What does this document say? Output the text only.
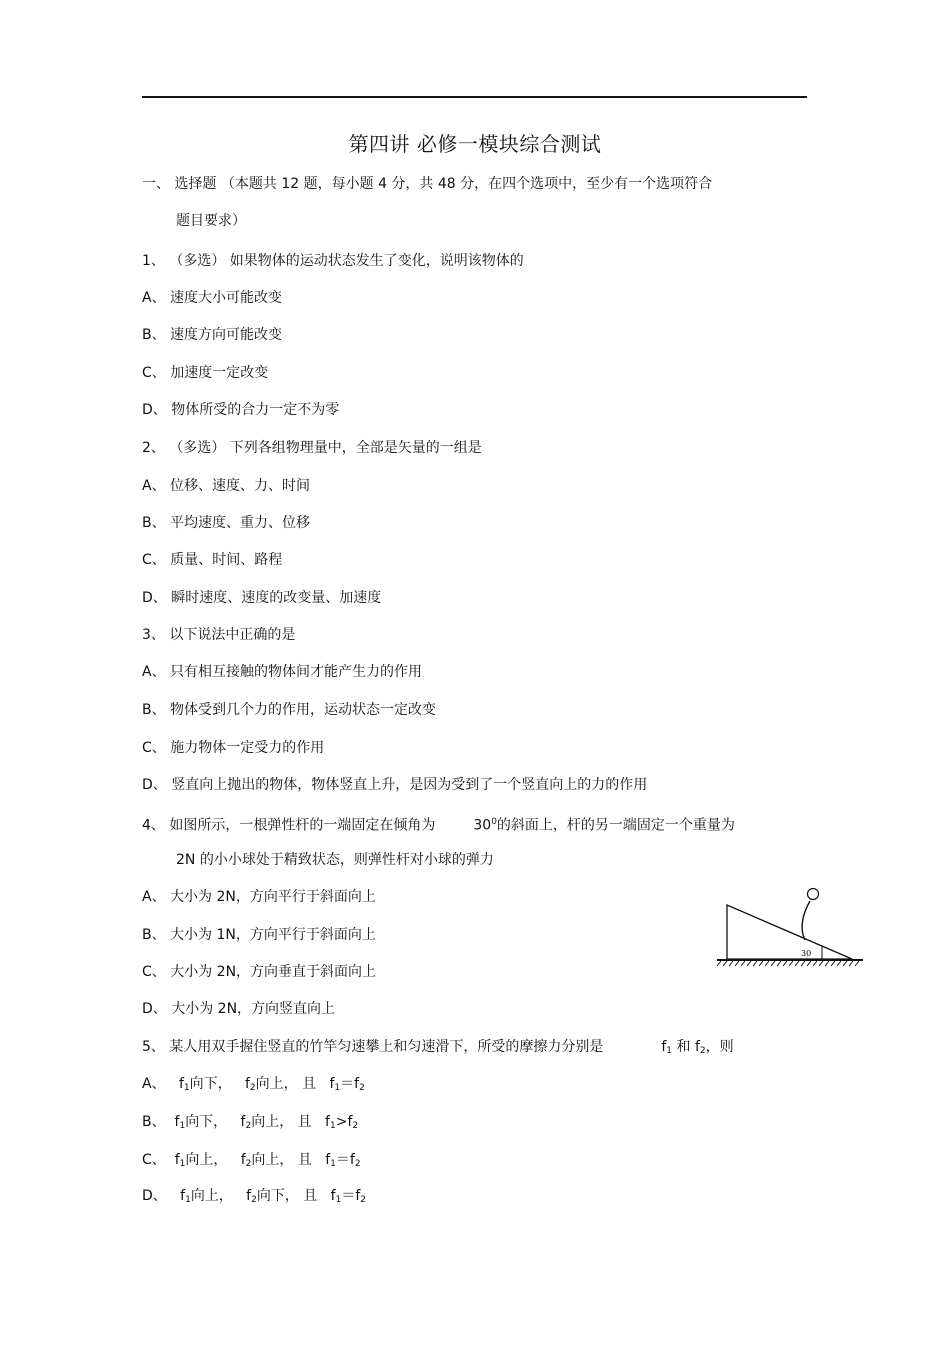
第四讲 必修一模块综合测试
一、 选择题 （本题共 12 题，每小题 4 分，共 48 分，在四个选项中，至少有一个选项符合
题目要求）
1、 （多选） 如果物体的运动状态发生了变化，说明该物体的
A、 速度大小可能改变
B、 速度方向可能改变
C、 加速度一定改变
D、 物体所受的合力一定不为零
2、 （多选） 下列各组物理量中，全部是矢量的一组是
A、 位移、速度、力、时间
B、 平均速度、重力、位移
C、 质量、时间、路程
D、 瞬时速度、速度的改变量、加速度
3、 以下说法中正确的是
A、 只有相互接触的物体间才能产生力的作用
B、 物体受到几个力的作用，运动状态一定改变
C、 施力物体一定受力的作用
D、 竖直向上抛出的物体，物体竖直上升，是因为受到了一个竖直向上的力的作用
4、 如图所示，一根弹性杆的一端固定在倾角为	$30^0$的斜面上，杆的另一端固定一个重量为
2N 的小小球处于精致状态，则弹性杆对小球的弹力
A、 大小为 2N，方向平行于斜面向上
B、 大小为 1N，方向平行于斜面向上
C、 大小为 2N，方向垂直于斜面向上
D、 大小为 2N，方向竖直向上
30
5、 某人用双手握住竖直的竹竿匀速攀上和匀速滑下，所受的摩擦力分别是	$f_1$ 和 $f_2$，则
A、   $f_1$向下， $f_2$向上， 且 $f_1=f_2$
B、 $f_1$向下， $f_2$向上， 且 $f_1>f_2$
C、 $f_1$向上， $f_2$向上， 且 $f_1=f_2$
D、   $f_1$向上， $f_2$向下， 且 $f_1=f_2$
